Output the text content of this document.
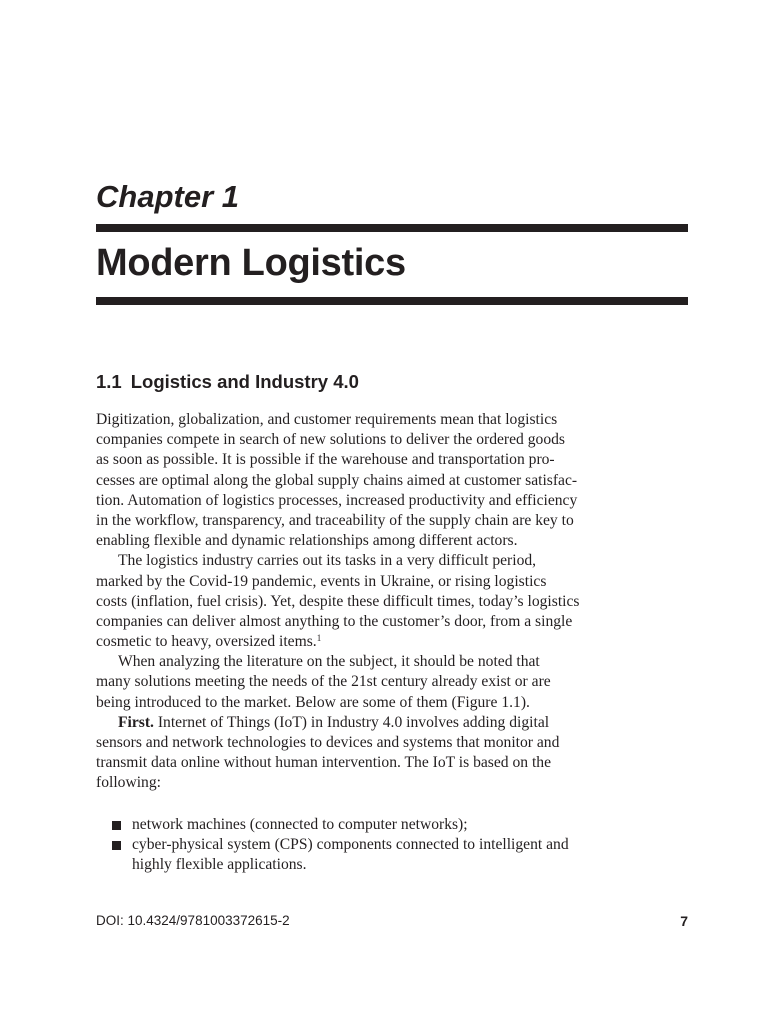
Chapter 1
Modern Logistics
1.1 Logistics and Industry 4.0
Digitization, globalization, and customer requirements mean that logistics
companies compete in search of new solutions to deliver the ordered goods
as soon as possible. It is possible if the warehouse and transportation pro-
cesses are optimal along the global supply chains aimed at customer satisfac-
tion. Automation of logistics processes, increased productivity and efficiency
in the workflow, transparency, and traceability of the supply chain are key to
enabling flexible and dynamic relationships among different actors.
The logistics industry carries out its tasks in a very difficult period,
marked by the Covid-19 pandemic, events in Ukraine, or rising logistics
costs (inflation, fuel crisis). Yet, despite these difficult times, today’s logistics
companies can deliver almost anything to the customer’s door, from a single
cosmetic to heavy, oversized items.$^1$
When analyzing the literature on the subject, it should be noted that
many solutions meeting the needs of the 21st century already exist or are
being introduced to the market. Below are some of them (Figure 1.1).
First. Internet of Things (IoT) in Industry 4.0 involves adding digital
sensors and network technologies to devices and systems that monitor and
transmit data online without human intervention. The IoT is based on the
following:
network machines (connected to computer networks);
cyber-physical system (CPS) components connected to intelligent and
highly flexible applications.
DOI: 10.4324/9781003372615-2	7
